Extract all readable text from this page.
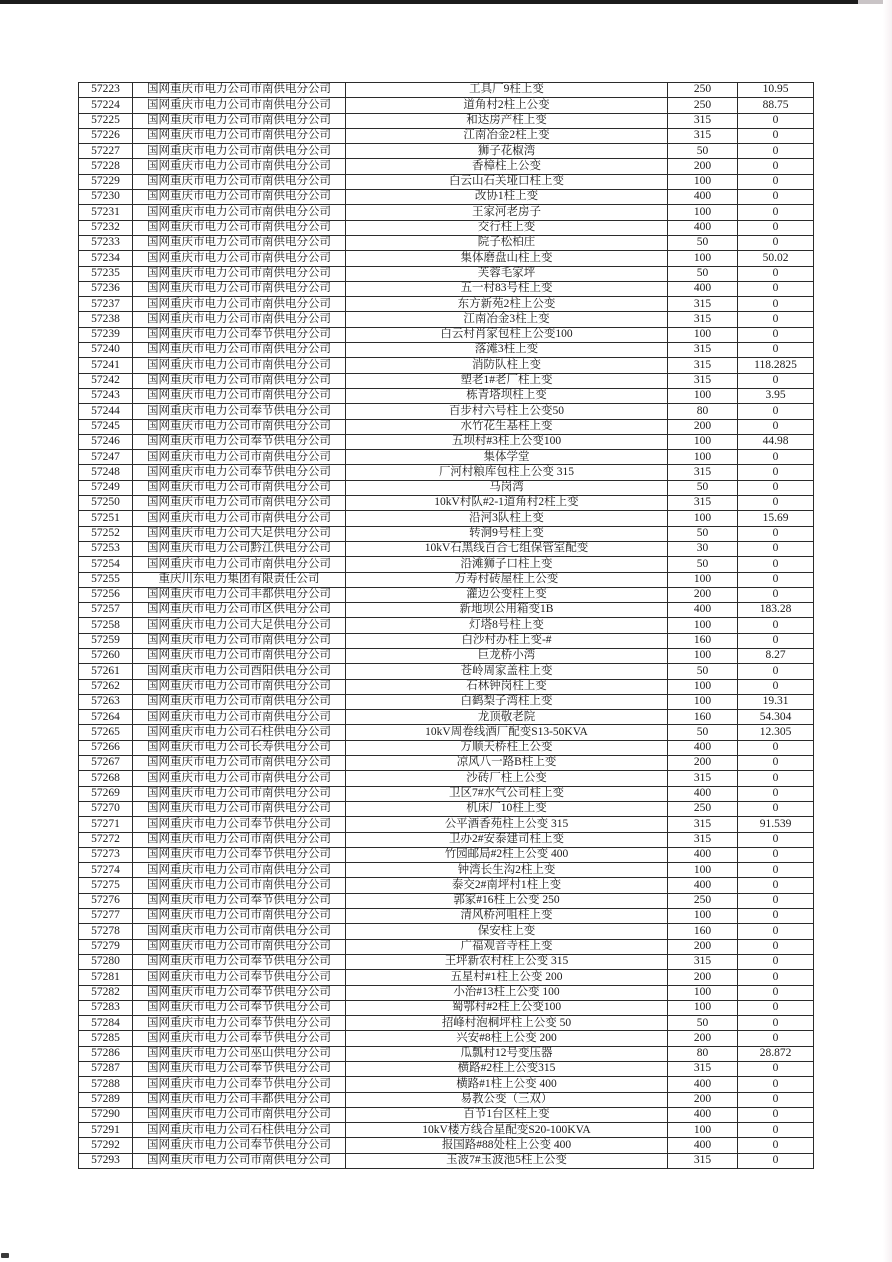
57223	国网重庆市电力公司市南供电分公司	工具厂9柱上变	250	10.95
57224	国网重庆市电力公司市南供电分公司	道角村2柱上公变	250	88.75
57225	国网重庆市电力公司市南供电分公司	和达房产柱上变	315	0
57226	国网重庆市电力公司市南供电分公司	江南冶金2柱上变	315	0
57227	国网重庆市电力公司市南供电分公司	狮子花椒湾	50	0
57228	国网重庆市电力公司市南供电分公司	香樟柱上公变	200	0
57229	国网重庆市电力公司市南供电分公司	白云山石关垭口柱上变	100	0
57230	国网重庆市电力公司市南供电分公司	改协1柱上变	400	0
57231	国网重庆市电力公司市南供电分公司	王家河老房子	100	0
57232	国网重庆市电力公司市南供电分公司	交行柱上变	400	0
57233	国网重庆市电力公司市南供电分公司	院子松柏庄	50	0
57234	国网重庆市电力公司市南供电分公司	集体磨盘山柱上变	100	50.02
57235	国网重庆市电力公司市南供电分公司	芙蓉毛家坪	50	0
57236	国网重庆市电力公司市南供电分公司	五一村83号柱上变	400	0
57237	国网重庆市电力公司市南供电分公司	东方新苑2柱上公变	315	0
57238	国网重庆市电力公司市南供电分公司	江南冶金3柱上变	315	0
57239	国网重庆市电力公司奉节供电分公司	白云村肖家包柱上公变100	100	0
57240	国网重庆市电力公司市南供电分公司	落滩3柱上变	315	0
57241	国网重庆市电力公司市南供电分公司	消防队柱上变	315	118.2825
57242	国网重庆市电力公司市南供电分公司	塑老1#老厂柱上变	315	0
57243	国网重庆市电力公司市南供电分公司	栋青塔坝柱上变	100	3.95
57244	国网重庆市电力公司奉节供电分公司	百步村六号柱上公变50	80	0
57245	国网重庆市电力公司市南供电分公司	水竹花生基柱上变	200	0
57246	国网重庆市电力公司奉节供电分公司	五坝村#3柱上公变100	100	44.98
57247	国网重庆市电力公司市南供电分公司	集体学堂	100	0
57248	国网重庆市电力公司奉节供电分公司	厂河村粮库包柱上公变 315	315	0
57249	国网重庆市电力公司市南供电分公司	马岗湾	50	0
57250	国网重庆市电力公司市南供电分公司	10kV村队#2-1道角村2柱上变	315	0
57251	国网重庆市电力公司市南供电分公司	沿河3队柱上变	100	15.69
57252	国网重庆市电力公司大足供电分公司	转洞9号柱上变	50	0
57253	国网重庆市电力公司黔江供电分公司	10kV石黑线百合七组保管室配变	30	0
57254	国网重庆市电力公司市南供电分公司	沿滩狮子口柱上变	50	0
57255	重庆川东电力集团有限责任公司	万寿村砖屋柱上公变	100	0
57256	国网重庆市电力公司丰都供电分公司	灌边公变柱上变	200	0
57257	国网重庆市电力公司市区供电分公司	新地坝公用箱变1B	400	183.28
57258	国网重庆市电力公司大足供电分公司	灯塔8号柱上变	100	0
57259	国网重庆市电力公司市南供电分公司	白沙村办柱上变-#	160	0
57260	国网重庆市电力公司市南供电分公司	巨龙桥小湾	100	8.27
57261	国网重庆市电力公司酉阳供电分公司	苍岭周家盖柱上变	50	0
57262	国网重庆市电力公司市南供电分公司	石林钟岗柱上变	100	0
57263	国网重庆市电力公司市南供电分公司	白鹤梨子湾柱上变	100	19.31
57264	国网重庆市电力公司市南供电分公司	龙顶敬老院	160	54.304
57265	国网重庆市电力公司石柱供电分公司	10kV周卷线酒厂配变S13-50KVA	50	12.305
57266	国网重庆市电力公司长寿供电分公司	万顺天桥柱上公变	400	0
57267	国网重庆市电力公司市南供电分公司	凉风八一路B柱上变	200	0
57268	国网重庆市电力公司市南供电分公司	沙砖厂柱上公变	315	0
57269	国网重庆市电力公司市南供电分公司	卫区7#水气公司柱上变	400	0
57270	国网重庆市电力公司市南供电分公司	机床厂10柱上变	250	0
57271	国网重庆市电力公司奉节供电分公司	公平酒香苑柱上公变 315	315	91.539
57272	国网重庆市电力公司市南供电分公司	卫办2#安泰建司柱上变	315	0
57273	国网重庆市电力公司奉节供电分公司	竹园邮局#2柱上公变 400	400	0
57274	国网重庆市电力公司市南供电分公司	钟湾长生沟2柱上变	100	0
57275	国网重庆市电力公司市南供电分公司	泰交2#南坪村1柱上变	400	0
57276	国网重庆市电力公司奉节供电分公司	郭家#16柱上公变 250	250	0
57277	国网重庆市电力公司市南供电分公司	清风桥河咀柱上变	100	0
57278	国网重庆市电力公司市南供电分公司	保安柱上变	160	0
57279	国网重庆市电力公司市南供电分公司	广福观音寺柱上变	200	0
57280	国网重庆市电力公司奉节供电分公司	王坪新农村柱上公变 315	315	0
57281	国网重庆市电力公司奉节供电分公司	五星村#1柱上公变 200	200	0
57282	国网重庆市电力公司奉节供电分公司	小治#13柱上公变 100	100	0
57283	国网重庆市电力公司奉节供电分公司	蜀鄂村#2柱上公变100	100	0
57284	国网重庆市电力公司奉节供电分公司	招峰村泡桐坪柱上公变 50	50	0
57285	国网重庆市电力公司奉节供电分公司	兴安#8柱上公变 200	200	0
57286	国网重庆市电力公司巫山供电分公司	瓜瓢村12号变压器	80	28.872
57287	国网重庆市电力公司奉节供电分公司	横路#2柱上公变315	315	0
57288	国网重庆市电力公司奉节供电分公司	横路#1柱上公变 400	400	0
57289	国网重庆市电力公司丰都供电分公司	易教公变（三双）	200	0
57290	国网重庆市电力公司市南供电分公司	百节1台区柱上变	400	0
57291	国网重庆市电力公司石柱供电分公司	10kV楼方线合星配变S20-100KVA	100	0
57292	国网重庆市电力公司奉节供电分公司	报国路#88处柱上公变 400	400	0
57293	国网重庆市电力公司市南供电分公司	玉波7#玉波池5柱上公变	315	0
